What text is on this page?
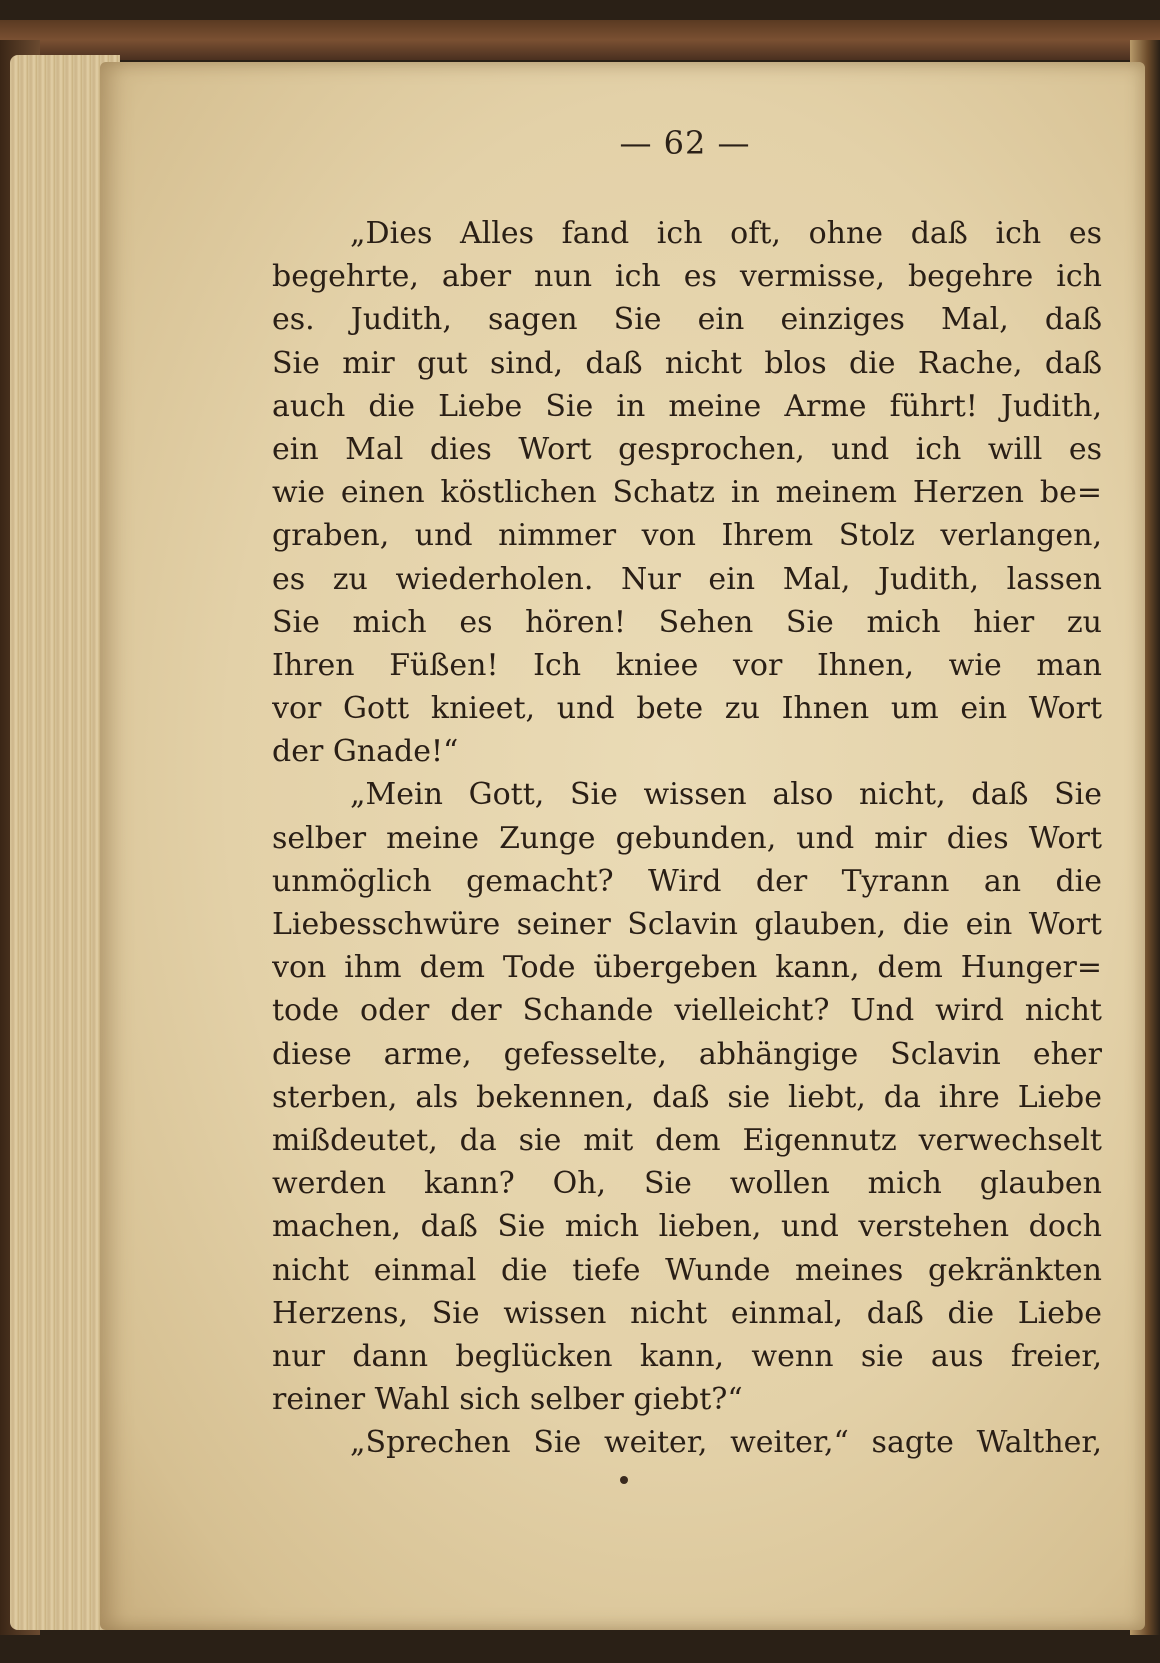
— 62 —
„Dies Alles fand ich oft, ohne daß ich es
begehrte, aber nun ich es vermisse, begehre ich
es. Judith, sagen Sie ein einziges Mal, daß
Sie mir gut sind, daß nicht blos die Rache, daß
auch die Liebe Sie in meine Arme führt! Judith,
ein Mal dies Wort gesprochen, und ich will es
wie einen köstlichen Schatz in meinem Herzen be=
graben, und nimmer von Ihrem Stolz verlangen,
es zu wiederholen. Nur ein Mal, Judith, lassen
Sie mich es hören! Sehen Sie mich hier zu
Ihren Füßen! Ich kniee vor Ihnen, wie man
vor Gott knieet, und bete zu Ihnen um ein Wort
der Gnade!“
„Mein Gott, Sie wissen also nicht, daß Sie
selber meine Zunge gebunden, und mir dies Wort
unmöglich gemacht? Wird der Tyrann an die
Liebesschwüre seiner Sclavin glauben, die ein Wort
von ihm dem Tode übergeben kann, dem Hunger=
tode oder der Schande vielleicht? Und wird nicht
diese arme, gefesselte, abhängige Sclavin eher
sterben, als bekennen, daß sie liebt, da ihre Liebe
mißdeutet, da sie mit dem Eigennutz verwechselt
werden kann? Oh, Sie wollen mich glauben
machen, daß Sie mich lieben, und verstehen doch
nicht einmal die tiefe Wunde meines gekränkten
Herzens, Sie wissen nicht einmal, daß die Liebe
nur dann beglücken kann, wenn sie aus freier,
reiner Wahl sich selber giebt?“
„Sprechen Sie weiter, weiter,“ sagte Walther,
